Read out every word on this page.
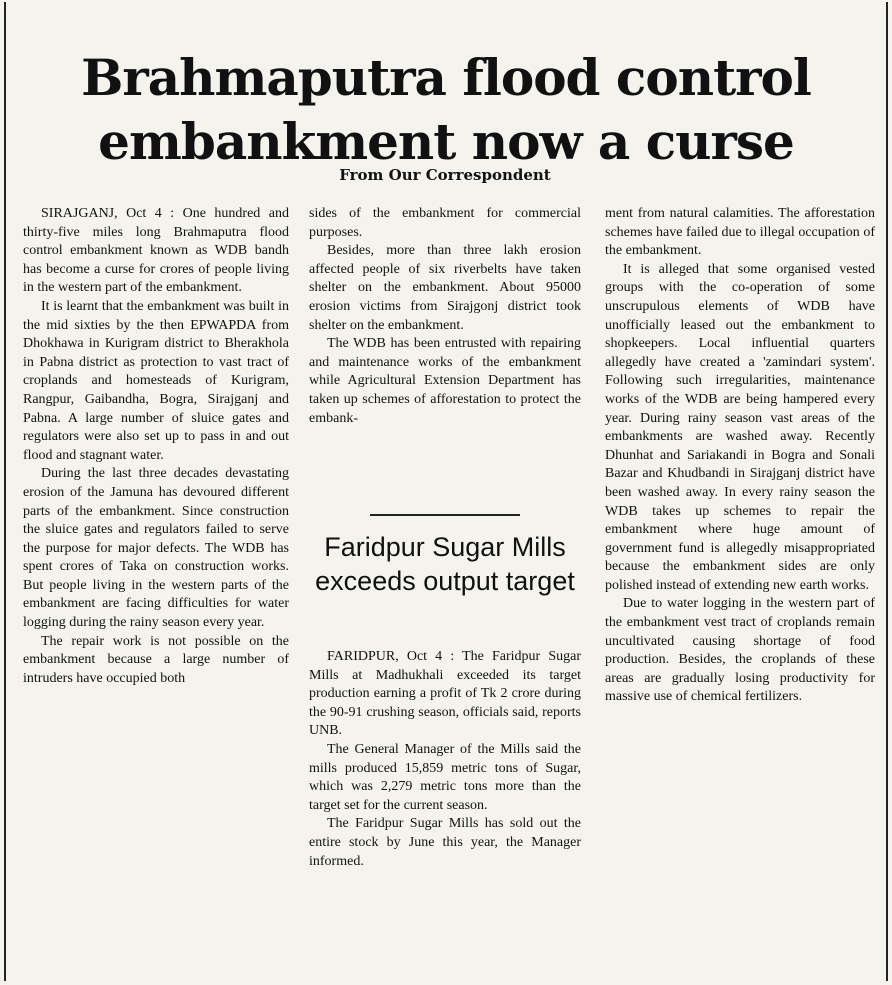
Brahmaputra flood control embankment now a curse
From Our Correspondent

SIRAJGANJ, Oct 4 : One hundred and thirty-five miles long Brahmaputra flood control embankment known as WDB bandh has become a curse for crores of people living in the western part of the embankment.

It is learnt that the embankment was built in the mid sixties by the then EPWAPDA from Dhokhawa in Kurigram district to Bherakhola in Pabna district as protection to vast tract of croplands and homesteads of Kurigram, Rangpur, Gaibandha, Bogra, Sirajganj and Pabna. A large number of sluice gates and regulators were also set up to pass in and out flood and stagnant water.

During the last three decades devastating erosion of the Jamuna has devoured different parts of the embankment. Since construction the sluice gates and regulators failed to serve the purpose for major defects. The WDB has spent crores of Taka on construction works. But people living in the western parts of the embankment are facing difficulties for water logging during the rainy season every year.

The repair work is not possible on the embankment because a large number of intruders have occupied both

sides of the embankment for commercial purposes.

Besides, more than three lakh erosion affected people of six riverbelts have taken shelter on the embankment. About 95000 erosion victims from Sirajgonj district took shelter on the embankment.

The WDB has been entrusted with repairing and maintenance works of the embankment while Agricultural Extension Department has taken up schemes of afforestation to protect the embank-

Faridpur Sugar Mills exceeds output target

FARIDPUR, Oct 4 : The Faridpur Sugar Mills at Madhukhali exceeded its target production earning a profit of Tk 2 crore during the 90-91 crushing season, officials said, reports UNB.

The General Manager of the Mills said the mills produced 15,859 metric tons of Sugar, which was 2,279 metric tons more than the target set for the current season.

The Faridpur Sugar Mills has sold out the entire stock by June this year, the Manager informed.

ment from natural calamities. The afforestation schemes have failed due to illegal occupation of the embankment.

It is alleged that some organised vested groups with the co-operation of some unscrupulous elements of WDB have unofficially leased out the embankment to shopkeepers. Local influential quarters allegedly have created a 'zamindari system'. Following such irregularities, maintenance works of the WDB are being hampered every year. During rainy season vast areas of the embankments are washed away. Recently Dhunhat and Sariakandi in Bogra and Sonali Bazar and Khudbandi in Sirajganj district have been washed away. In every rainy season the WDB takes up schemes to repair the embankment where huge amount of government fund is allegedly misappropriated because the embankment sides are only polished instead of extending new earth works.

Due to water logging in the western part of the embankment vest tract of croplands remain uncultivated causing shortage of food production. Besides, the croplands of these areas are gradually losing productivity for massive use of chemical fertilizers.
